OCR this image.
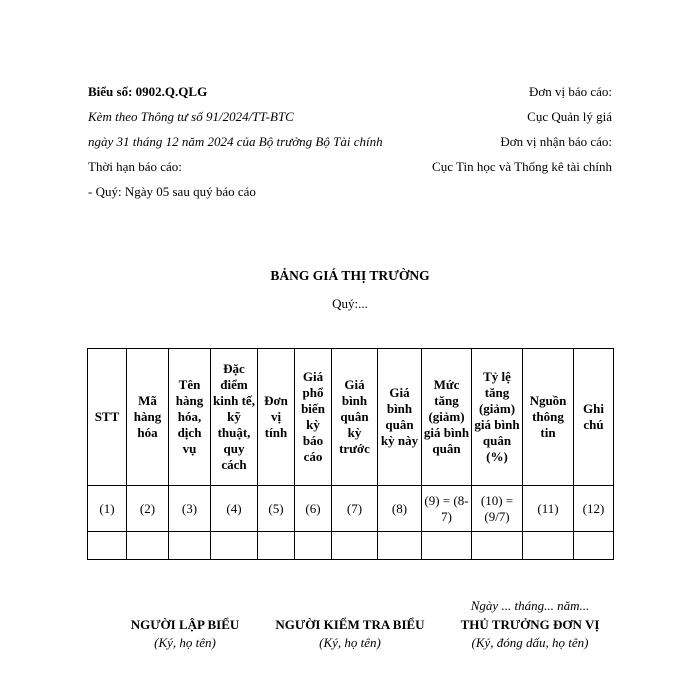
Biểu số: 0902.Q.QLG
Kèm theo Thông tư số 91/2024/TT-BTC
ngày 31 tháng 12 năm 2024 của Bộ trưởng Bộ Tài chính
Thời hạn báo cáo:
- Quý: Ngày 05 sau quý báo cáo
Đơn vị báo cáo:
Cục Quản lý giá
Đơn vị nhận báo cáo:
Cục Tin học và Thống kê tài chính
BẢNG GIÁ THỊ TRƯỜNG
Quý:...
STT	Mã hàng hóa	Tên hàng hóa, dịch vụ	Đặc điểm kinh tế, kỹ thuật, quy cách	Đơn vị tính	Giá phổ biến kỳ báo cáo	Giá bình quân kỳ trước	Giá bình quân kỳ này	Mức tăng (giảm) giá bình quân	Tỷ lệ tăng (giảm) giá bình quân (%)	Nguồn thông tin	Ghi chú
(1)	(2)	(3)	(4)	(5)	(6)	(7)	(8)	(9) = (8-7)	(10) = (9/7)	(11)	(12)

Ngày ... tháng... năm...
NGƯỜI LẬP BIỂU
(Ký, họ tên)
NGƯỜI KIỂM TRA BIỂU
(Ký, họ tên)
THỦ TRƯỞNG ĐƠN VỊ
(Ký, đóng dấu, họ tên)
